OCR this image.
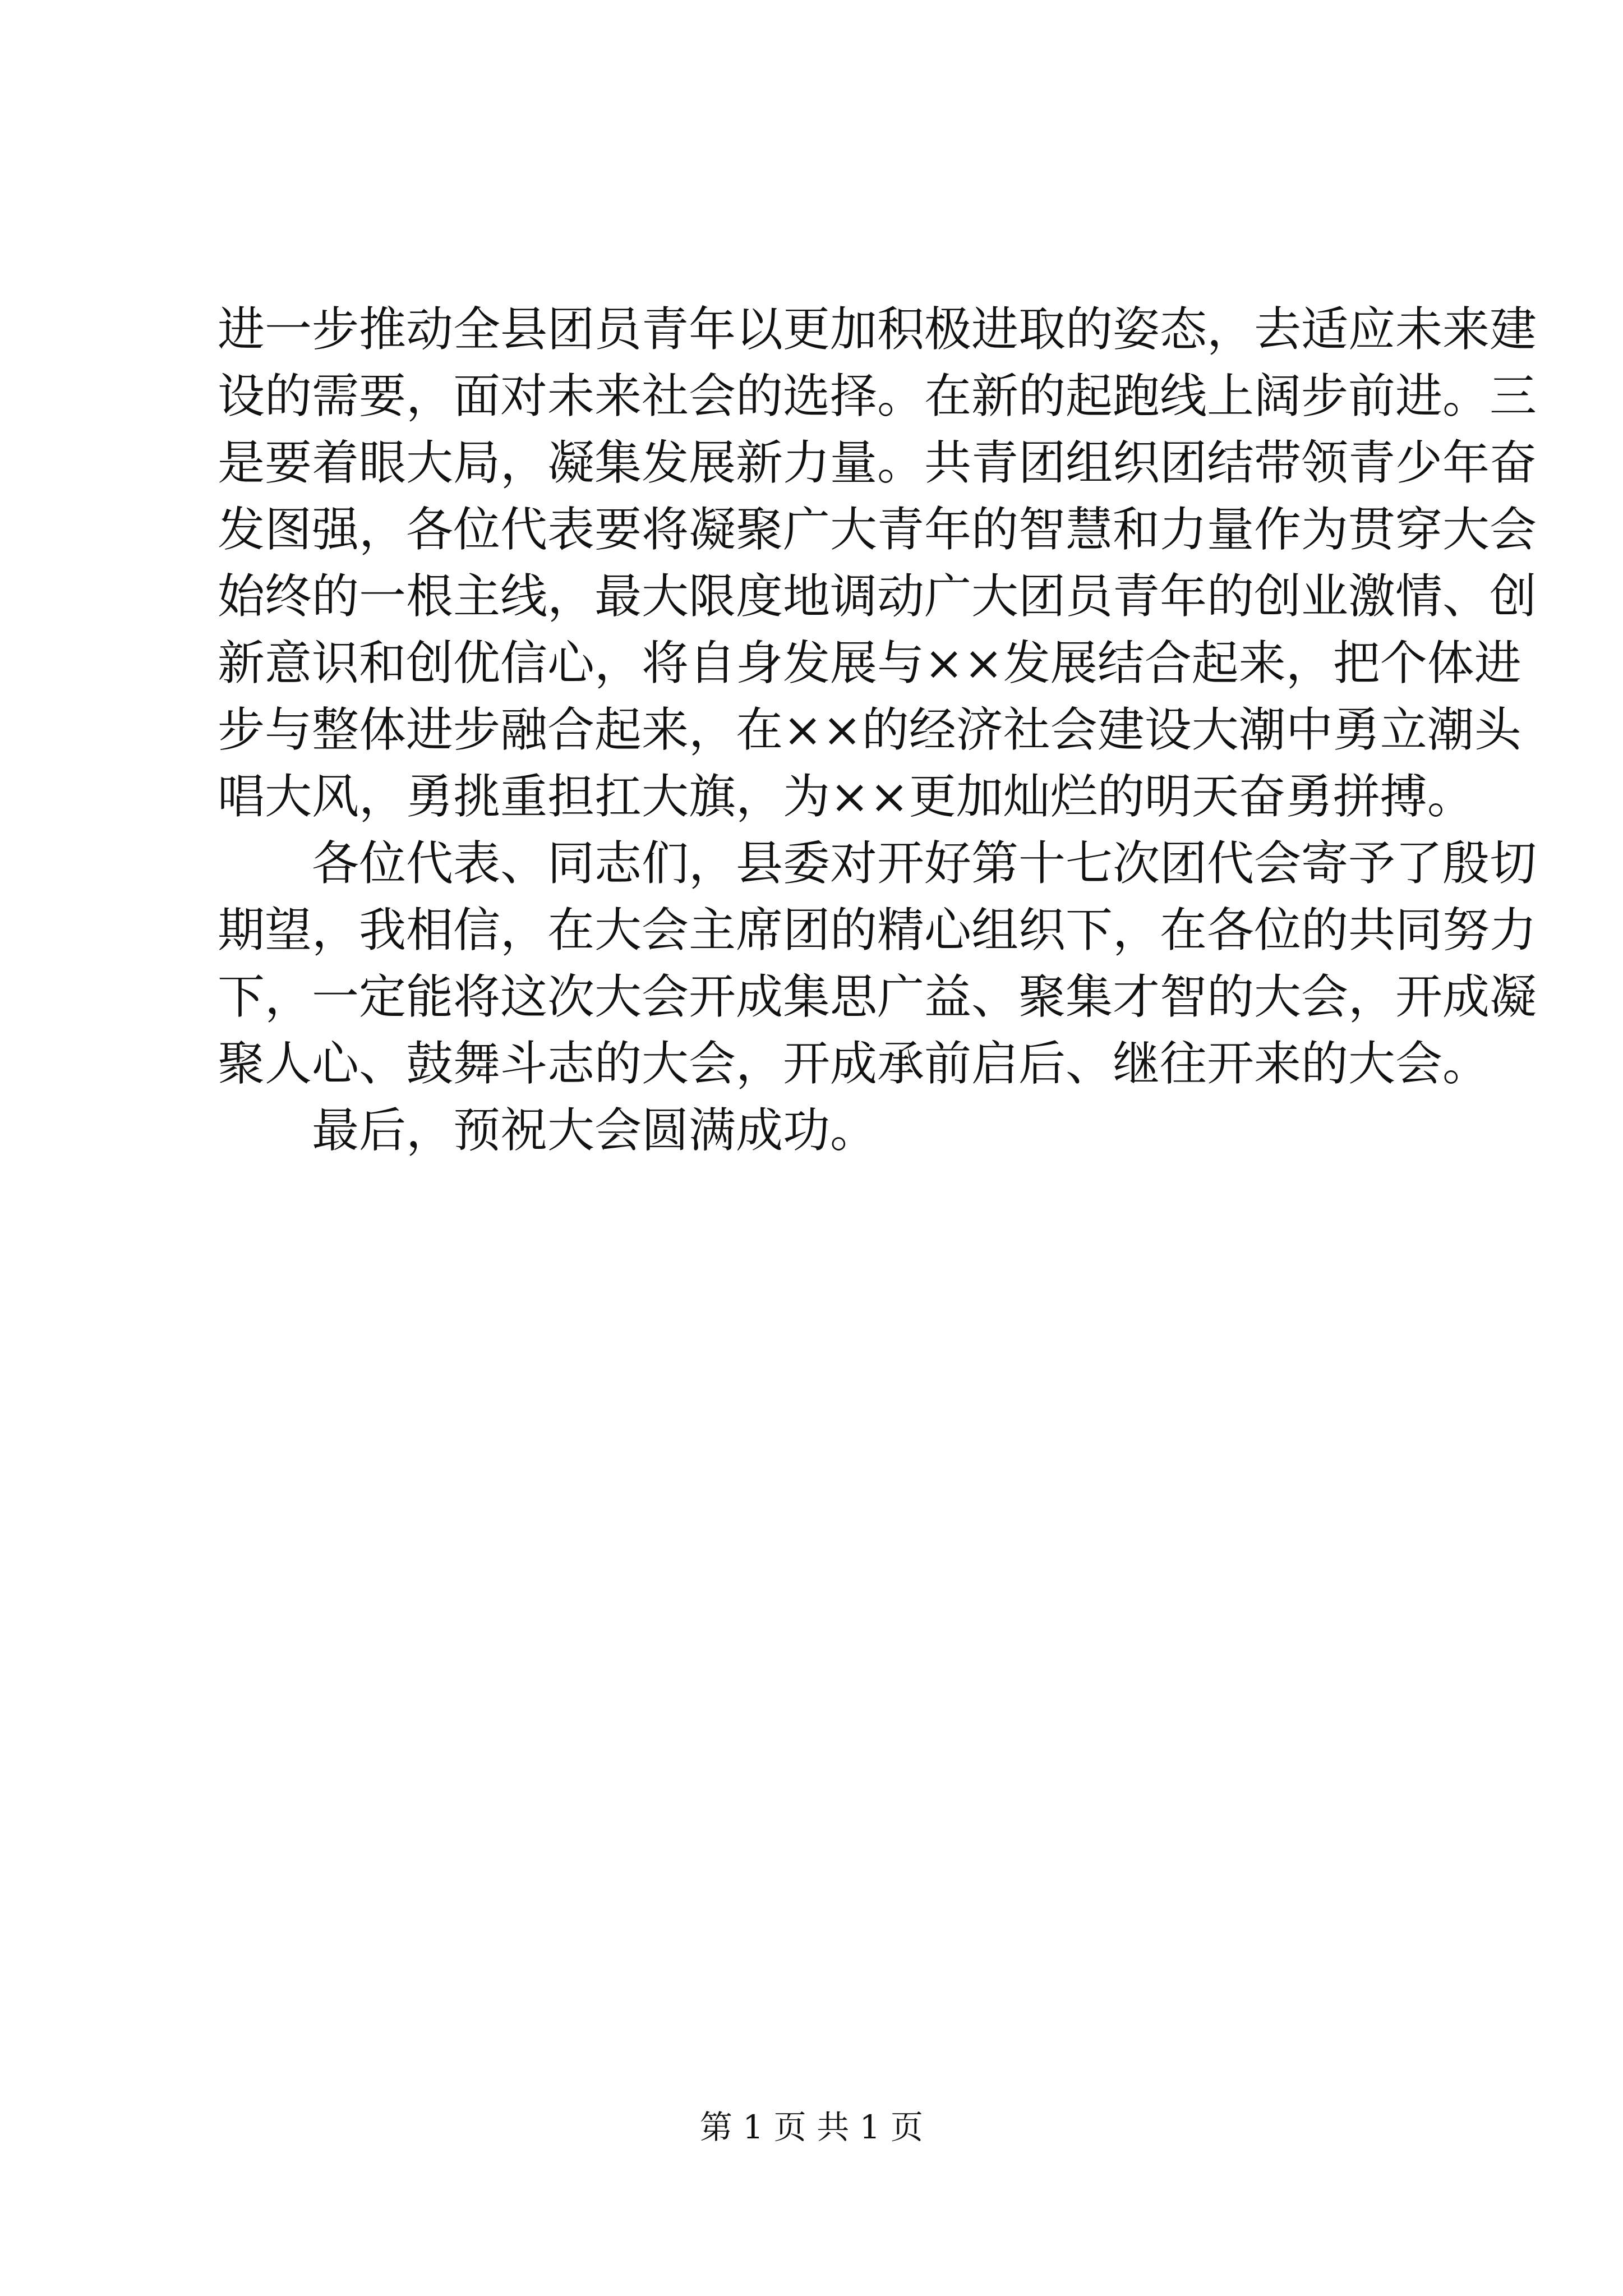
进一步推动全县团员青年以更加积极进取的姿态，去适应未来建
设的需要，面对未来社会的选择。在新的起跑线上阔步前进。三
是要着眼大局，凝集发展新力量。共青团组织团结带领青少年奋
发图强，各位代表要将凝聚广大青年的智慧和力量作为贯穿大会
始终的一根主线，最大限度地调动广大团员青年的创业激情、创
新意识和创优信心，将自身发展与××发展结合起来，把个体进
步与整体进步融合起来，在××的经济社会建设大潮中勇立潮头
唱大风，勇挑重担扛大旗，为××更加灿烂的明天奋勇拼搏。
各位代表、同志们，县委对开好第十七次团代会寄予了殷切
期望，我相信，在大会主席团的精心组织下，在各位的共同努力
下，一定能将这次大会开成集思广益、聚集才智的大会，开成凝
聚人心、鼓舞斗志的大会，开成承前启后、继往开来的大会。
最后，预祝大会圆满成功。
第 1 页 共 1 页
